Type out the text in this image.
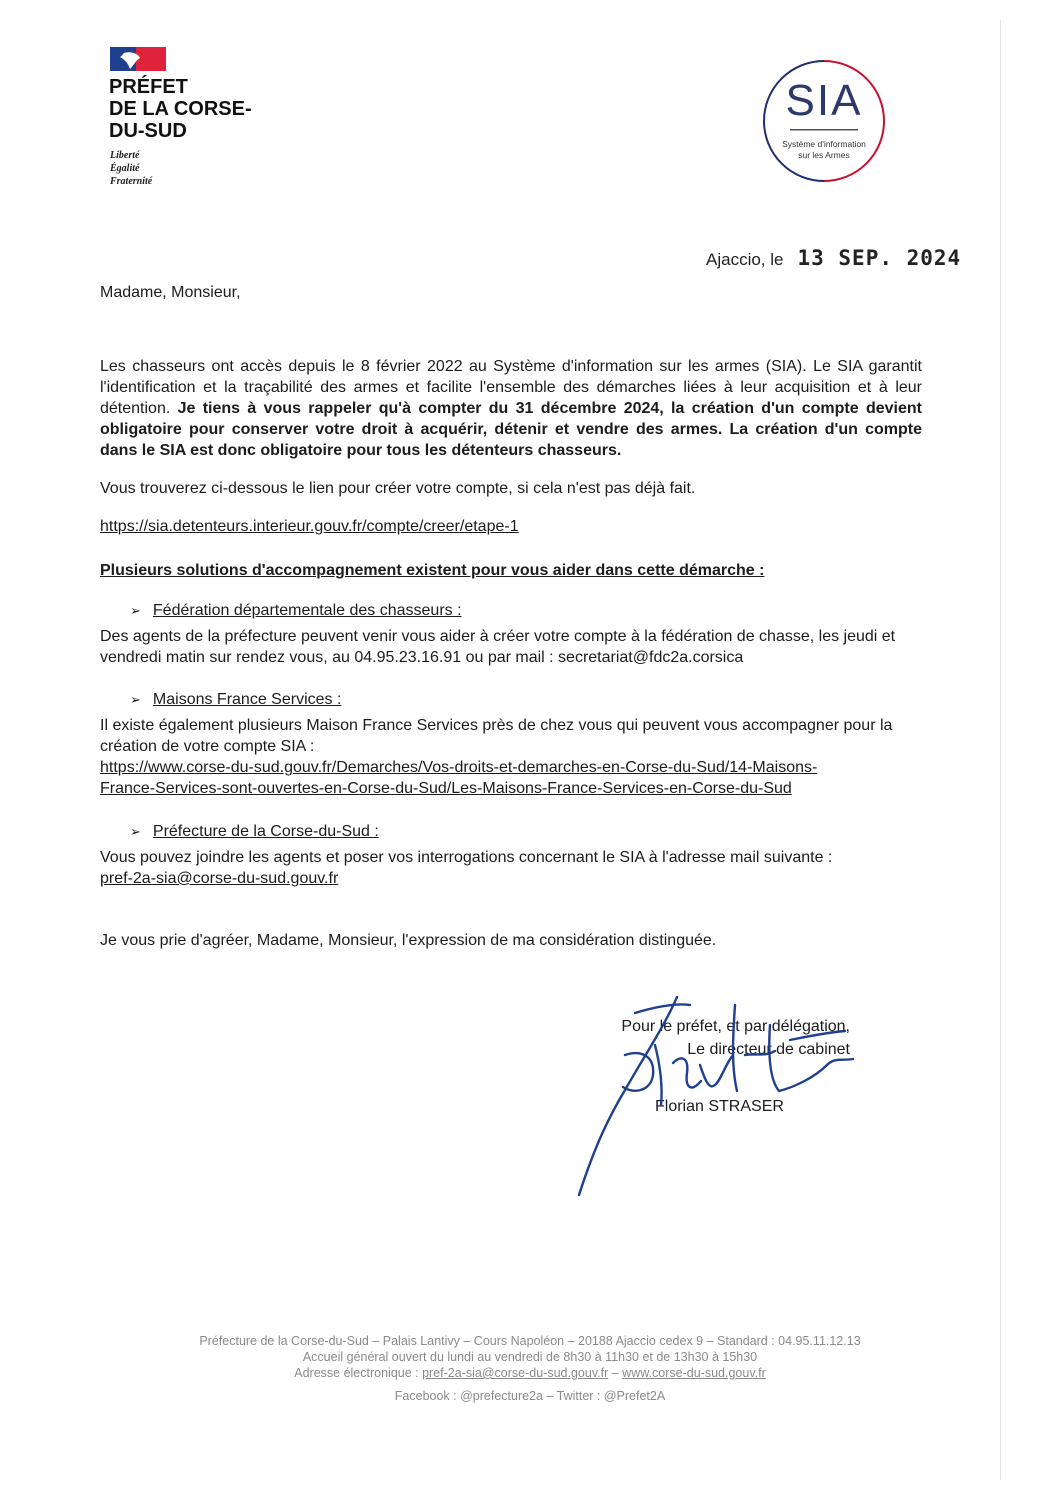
PRÉFET
DE LA CORSE-
DU-SUD
Liberté
Égalité
Fraternité
SIA
Système d'information
sur les Armes
Ajaccio, le 13 SEP. 2024
Madame, Monsieur,
Les chasseurs ont accès depuis le 8 février 2022 au Système d'information sur les armes (SIA). Le SIA garantit l'identification et la traçabilité des armes et facilite l'ensemble des démarches liées à leur acquisition et à leur détention. Je tiens à vous rappeler qu'à compter du 31 décembre 2024, la création d'un compte devient obligatoire pour conserver votre droit à acquérir, détenir et vendre des armes. La création d'un compte dans le SIA est donc obligatoire pour tous les détenteurs chasseurs.
Vous trouverez ci-dessous le lien pour créer votre compte, si cela n'est pas déjà fait.
https://sia.detenteurs.interieur.gouv.fr/compte/creer/etape-1
Plusieurs solutions d'accompagnement existent pour vous aider dans cette démarche :
➢ Fédération départementale des chasseurs :
Des agents de la préfecture peuvent venir vous aider à créer votre compte à la fédération de chasse, les jeudi et vendredi matin sur rendez vous, au 04.95.23.16.91 ou par mail : secretariat@fdc2a.corsica
➢ Maisons France Services :
Il existe également plusieurs Maison France Services près de chez vous qui peuvent vous accompagner pour la création de votre compte SIA :
https://www.corse-du-sud.gouv.fr/Demarches/Vos-droits-et-demarches-en-Corse-du-Sud/14-Maisons-
France-Services-sont-ouvertes-en-Corse-du-Sud/Les-Maisons-France-Services-en-Corse-du-Sud
➢ Préfecture de la Corse-du-Sud :
Vous pouvez joindre les agents et poser vos interrogations concernant le SIA à l'adresse mail suivante :
pref-2a-sia@corse-du-sud.gouv.fr
Je vous prie d'agréer, Madame, Monsieur, l'expression de ma considération distinguée.
Pour le préfet, et par délégation,
Le directeur de cabinet
Florian STRASER
Préfecture de la Corse-du-Sud – Palais Lantivy – Cours Napoléon – 20188 Ajaccio cedex 9 – Standard : 04.95.11.12.13
Accueil général ouvert du lundi au vendredi de 8h30 à 11h30 et de 13h30 à 15h30
Adresse électronique : pref-2a-sia@corse-du-sud.gouv.fr – www.corse-du-sud.gouv.fr
Facebook : @prefecture2a – Twitter : @Prefet2A
